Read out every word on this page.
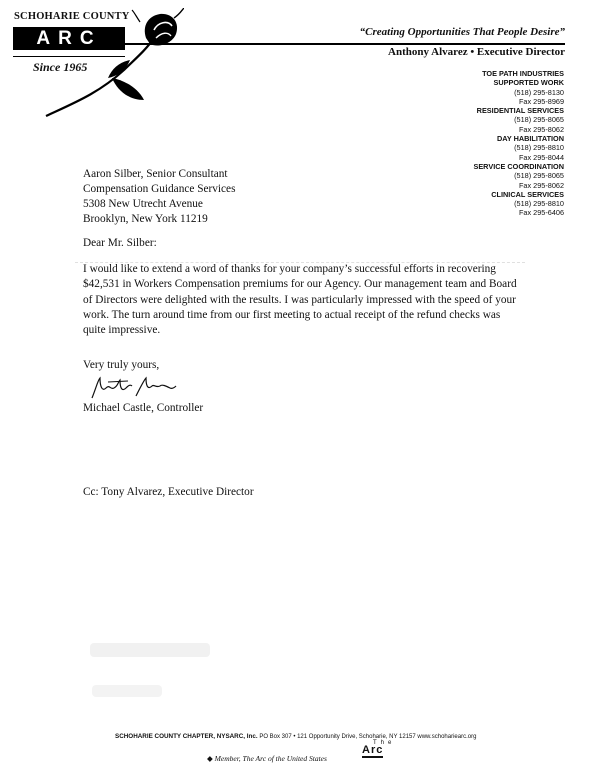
SCHOHARIE COUNTY
ARC
Since 1965
“Creating Opportunities That People Desire”
Anthony Alvarez • Executive Director
TOE PATH INDUSTRIES
SUPPORTED WORK
(518) 295-8130
Fax 295-8969
RESIDENTIAL SERVICES
(518) 295-8065
Fax 295-8062
DAY HABILITATION
(518) 295-8810
Fax 295-8044
SERVICE COORDINATION
(518) 295-8065
Fax 295-8062
CLINICAL SERVICES
(518) 295-8810
Fax 295-6406
Aaron Silber, Senior Consultant
Compensation Guidance Services
5308 New Utrecht Avenue
Brooklyn, New York 11219
Dear Mr. Silber:
I would like to extend a word of thanks for your company’s successful efforts in recovering $42,531 in Workers Compensation premiums for our Agency. Our management team and Board of Directors were delighted with the results. I was particularly impressed with the speed of your work. The turn around time from our first meeting to actual receipt of the refund checks was quite impressive.
Very truly yours,
Michael Castle, Controller
Cc: Tony Alvarez, Executive Director
SCHOHARIE COUNTY CHAPTER, NYSARC, Inc. PO Box 307 • 121 Opportunity Drive, Schoharie, NY 12157 www.schohariearc.org
The
Arc
◆ Member, The Arc of the United States
